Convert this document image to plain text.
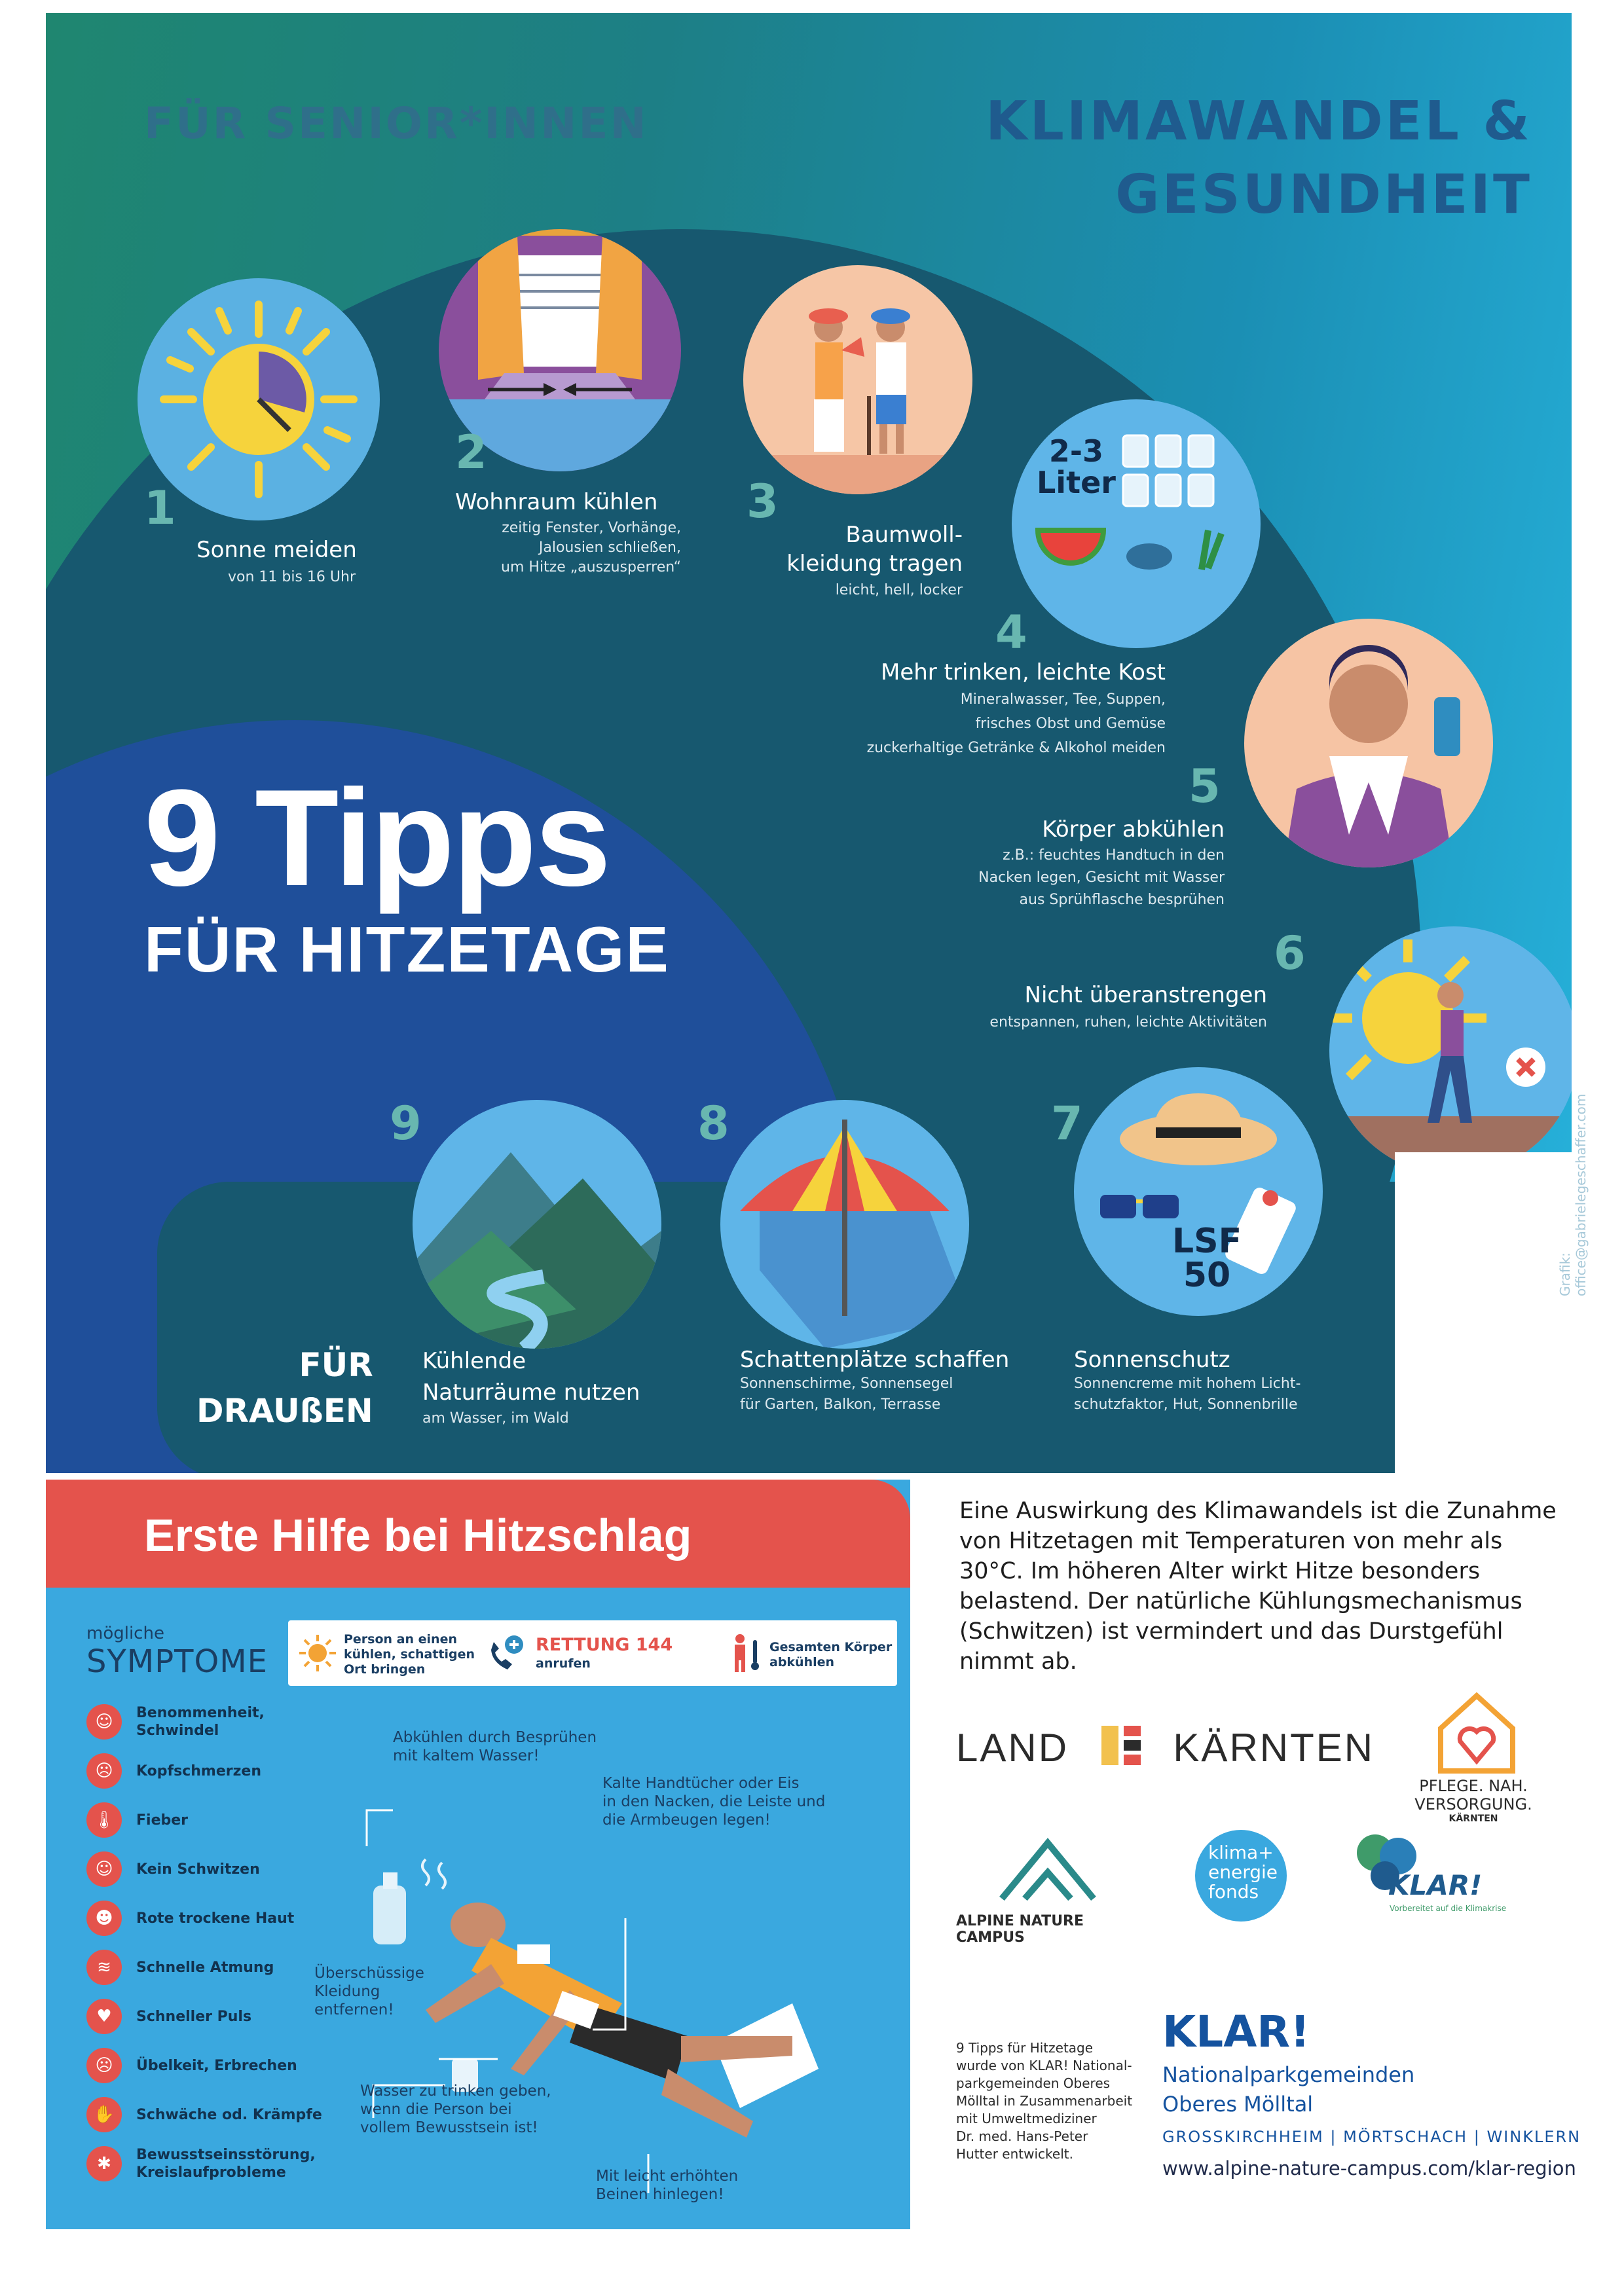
FÜR SENIOR*INNEN	KLIMAWANDEL &
GESUNDHEIT
9 Tipps
FÜR HITZETAGE
1
Sonne meiden
von 11 bis 16 Uhr
2
Wohnraum kühlen
zeitig Fenster, Vorhänge,
Jalousien schließen,
um Hitze „auszusperren“
3
Baumwoll-
kleidung tragen
leicht, hell, locker
2-3
Liter
4
Mehr trinken, leichte Kost
Mineralwasser, Tee, Suppen,
frisches Obst und Gemüse
zuckerhaltige Getränke & Alkohol meiden
5
Körper abkühlen
z.B.: feuchtes Handtuch in den
Nacken legen, Gesicht mit Wasser
aus Sprühflasche besprühen
6
Nicht überanstrengen
entspannen, ruhen, leichte Aktivitäten
LSF
50
7
Sonnenschutz
Sonnencreme mit hohem Licht-
schutzfaktor, Hut, Sonnenbrille
8
Schattenplätze schaffen
Sonnenschirme, Sonnensegel
für Garten, Balkon, Terrasse
9
Kühlende
Naturräume nutzen
am Wasser, im Wald
FÜR
DRAUßEN
Grafik: office@gabrielegeschaffer.com
Erste Hilfe bei Hitzschlag
mögliche
SYMPTOME
Person an einen
kühlen, schattigen
Ort bringen
RETTUNG 144
anrufen
Gesamten Körper
abkühlen
☺	Benommenheit,
Schwindel
☹	Kopfschmerzen
🌡	Fieber
☺	Kein Schwitzen
☻	Rote trockene Haut
≋	Schnelle Atmung
♥	Schneller Puls
☹	Übelkeit, Erbrechen
✋	Schwäche od. Krämpfe
✱	Bewusstseinsstörung,
Kreislaufprobleme
Abkühlen durch Besprühen
mit kaltem Wasser!
Kalte Handtücher oder Eis
in den Nacken, die Leiste und
die Armbeugen legen!
Überschüssige
Kleidung
entfernen!
Wasser zu trinken geben,
wenn die Person bei
vollem Bewusstsein ist!
Mit leicht erhöhten
Beinen hinlegen!
Eine Auswirkung des Klimawandels ist die Zunahme von Hitzetagen mit Temperaturen von mehr als 30°C. Im höheren Alter wirkt Hitze besonders belastend. Der natürliche Kühlungsmechanismus (Schwitzen) ist vermindert und das Durstgefühl nimmt ab.
LAND	KÄRNTEN
PFLEGE. NAH.
VERSORGUNG.
KÄRNTEN
ALPINE NATURE CAMPUS
klima+
energie
fonds	KLAR!
Vorbereitet auf die Klimakrise
9 Tipps für Hitzetage
wurde von KLAR! National-
parkgemeinden Oberes
Mölltal in Zusammenarbeit
mit Umweltmediziner
Dr. med. Hans-Peter
Hutter entwickelt.
KLAR!
Nationalparkgemeinden
Oberes Mölltal
GROSSKIRCHHEIM | MÖRTSCHACH | WINKLERN
www.alpine-nature-campus.com/klar-region
